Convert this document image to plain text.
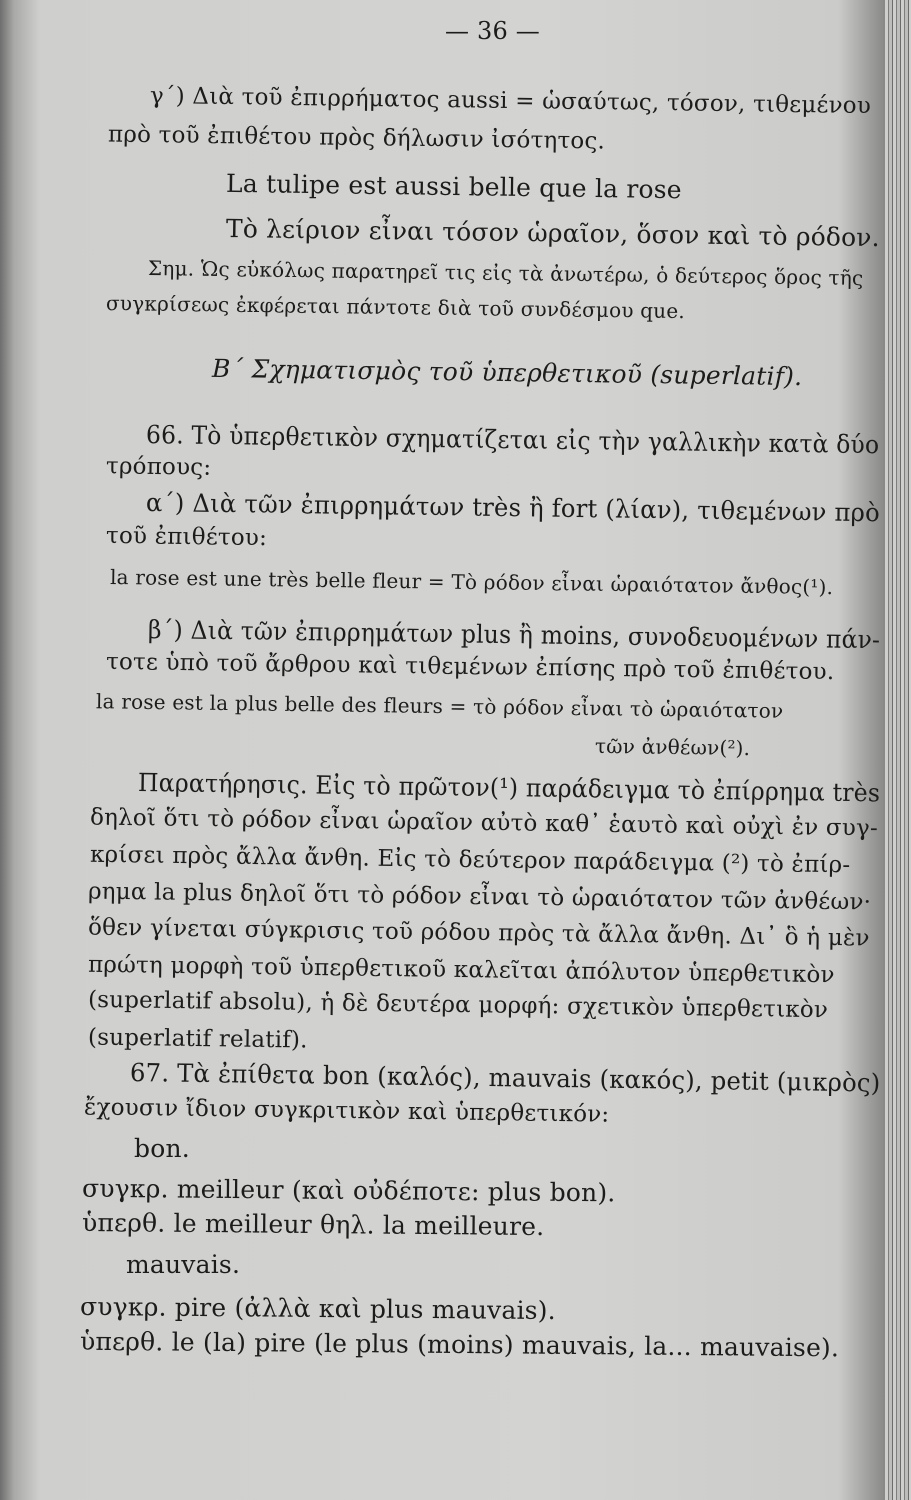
— 36 —
γ΄) Διὰ τοῦ ἐπιρρήματος aussi = ὡσαύτως, τόσον, τιθεμένου
πρὸ τοῦ ἐπιθέτου πρὸς δήλωσιν ἰσότητος.
La tulipe est aussi belle que la rose
Τὸ λείριον εἶναι τόσον ὡραῖον, ὅσον καὶ τὸ ρόδον.
Σημ. Ὡς εὐκόλως παρατηρεῖ τις εἰς τὰ ἀνωτέρω, ὁ δεύτερος ὅρος τῆς
συγκρίσεως ἐκφέρεται πάντοτε διὰ τοῦ συνδέσμου que.
Β΄ Σχηματισμὸς τοῦ ὑπερθετικοῦ (superlatif).
66. Τὸ ὑπερθετικὸν σχηματίζεται εἰς τὴν γαλλικὴν κατὰ δύο
τρόπους:
α΄) Διὰ τῶν ἐπιρρημάτων très ἢ fort (λίαν), τιθεμένων πρὸ
τοῦ ἐπιθέτου:
la rose est une très belle fleur = Τὸ ρόδον εἶναι ὡραιότατον ἄνθος(¹).
β΄) Διὰ τῶν ἐπιρρημάτων plus ἢ moins, συνοδευομένων πάν-
τοτε ὑπὸ τοῦ ἄρθρου καὶ τιθεμένων ἐπίσης πρὸ τοῦ ἐπιθέτου.
la rose est la plus belle des fleurs = τὸ ρόδον εἶναι τὸ ὡραιότατον
τῶν ἀνθέων(²).
Παρατήρησις. Εἰς τὸ πρῶτον(¹) παράδειγμα τὸ ἐπίρρημα très
δηλοῖ ὅτι τὸ ρόδον εἶναι ὡραῖον αὐτὸ καθ᾽ ἑαυτὸ καὶ οὐχὶ ἐν συγ-
κρίσει πρὸς ἄλλα ἄνθη. Εἰς τὸ δεύτερον παράδειγμα (²) τὸ ἐπίρ-
ρημα la plus δηλοῖ ὅτι τὸ ρόδον εἶναι τὸ ὡραιότατον τῶν ἀνθέων·
ὅθεν γίνεται σύγκρισις τοῦ ρόδου πρὸς τὰ ἄλλα ἄνθη. Δι᾽ ὃ ἡ μὲν
πρώτη μορφὴ τοῦ ὑπερθετικοῦ καλεῖται ἀπόλυτον ὑπερθετικὸν
(superlatif absolu), ἡ δὲ δευτέρα μορφή: σχετικὸν ὑπερθετικὸν
(superlatif relatif).
67. Τὰ ἐπίθετα bon (καλός), mauvais (κακός), petit (μικρὸς)
ἔχουσιν ἴδιον συγκριτικὸν καὶ ὑπερθετικόν:
bon.
συγκρ. meilleur (καὶ οὐδέποτε: plus bon).
ὑπερθ. le meilleur θηλ. la meilleure.
mauvais.
συγκρ. pire (ἀλλὰ καὶ plus mauvais).
ὑπερθ. le (la) pire (le plus (moins) mauvais, la... mauvaise).
